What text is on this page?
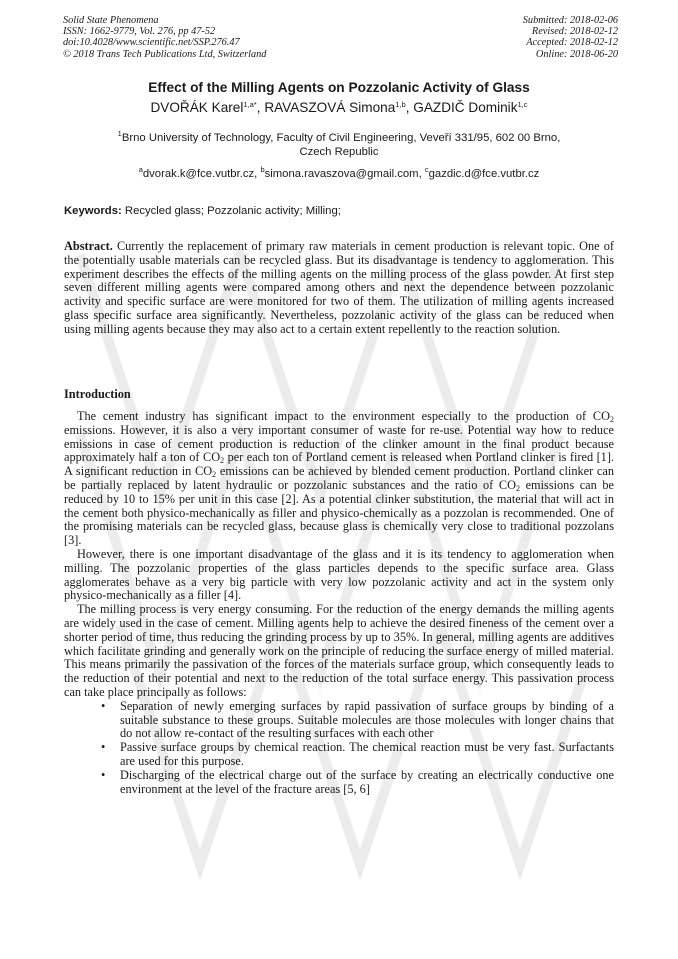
Solid State Phenomena
ISSN: 1662-9779, Vol. 276, pp 47-52
doi:10.4028/www.scientific.net/SSP.276.47
© 2018 Trans Tech Publications Ltd, Switzerland
Submitted: 2018-02-06
Revised: 2018-02-12
Accepted: 2018-02-12
Online: 2018-06-20
Effect of the Milling Agents on Pozzolanic Activity of Glass
DVOŘÁK Karel$^{1,a*}$, RAVASZOVÁ Simona$^{1,b}$, GAZDIČ Dominik$^{1,c}$
$^1$Brno University of Technology, Faculty of Civil Engineering, Veveří 331/95, 602 00 Brno,
Czech Republic
$^a$dvorak.k@fce.vutbr.cz, $^b$simona.ravaszova@gmail.com, $^c$gazdic.d@fce.vutbr.cz
Keywords: Recycled glass; Pozzolanic activity; Milling;

Abstract. Currently the replacement of primary raw materials in cement production is relevant topic. One of the potentially usable materials can be recycled glass. But its disadvantage is tendency to agglomeration. This experiment describes the effects of the milling agents on the milling process of the glass powder. At first step seven different milling agents were compared among others and next the dependence between pozzolanic activity and specific surface are were monitored for two of them. The utilization of milling agents increased glass specific surface area significantly. Nevertheless, pozzolanic activity of the glass can be reduced when using milling agents because they may also act to a certain extent repellently to the reaction solution.

Introduction

The cement industry has significant impact to the environment especially to the production of $CO_2$ emissions. However, it is also a very important consumer of waste for re-use. Potential way how to reduce emissions in case of cement production is reduction of the clinker amount in the final product because approximately half a ton of $CO_2$ per each ton of Portland cement is released when Portland clinker is fired [1]. A significant reduction in $CO_2$ emissions can be achieved by blended cement production. Portland clinker can be partially replaced by latent hydraulic or pozzolanic substances and the ratio of $CO_2$ emissions can be reduced by 10 to 15% per unit in this case [2]. As a potential clinker substitution, the material that will act in the cement both physico-mechanically as filler and physico-chemically as a pozzolan is recommended. One of the promising materials can be recycled glass, because glass is chemically very close to traditional pozzolans [3].

However, there is one important disadvantage of the glass and it is its tendency to agglomeration when milling. The pozzolanic properties of the glass particles depends to the specific surface area. Glass agglomerates behave as a very big particle with very low pozzolanic activity and act in the system only physico-mechanically as a filler [4].

The milling process is very energy consuming. For the reduction of the energy demands the milling agents are widely used in the case of cement. Milling agents help to achieve the desired fineness of the cement over a shorter period of time, thus reducing the grinding process by up to 35%. In general, milling agents are additives which facilitate grinding and generally work on the principle of reducing the surface energy of milled material. This means primarily the passivation of the forces of the materials surface group, which consequently leads to the reduction of their potential and next to the reduction of the total surface energy. This passivation process can take place principally as follows:

• Separation of newly emerging surfaces by rapid passivation of surface groups by binding of a suitable substance to these groups. Suitable molecules are those molecules with longer chains that do not allow re-contact of the resulting surfaces with each other
• Passive surface groups by chemical reaction. The chemical reaction must be very fast. Surfactants are used for this purpose.
• Discharging of the electrical charge out of the surface by creating an electrically conductive one environment at the level of the fracture areas [5, 6]
